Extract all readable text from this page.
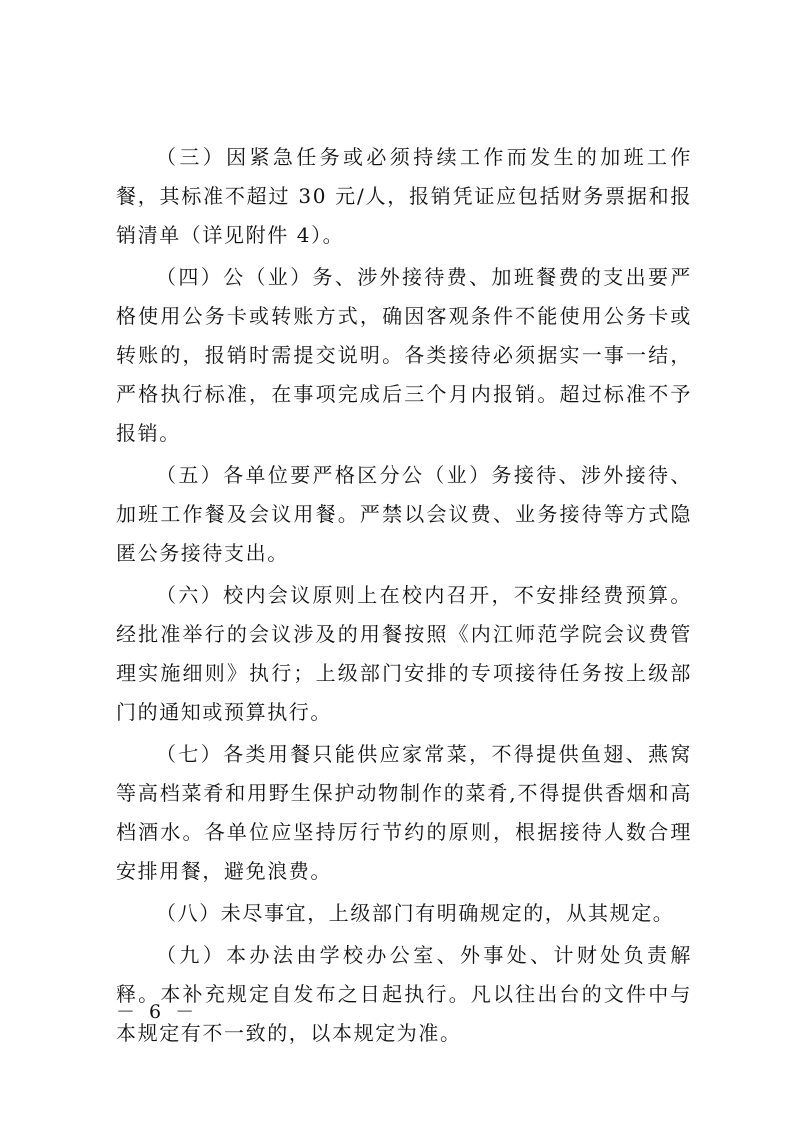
（三）因紧急任务或必须持续工作而发生的加班工作餐，其标准不超过 30 元/人，报销凭证应包括财务票据和报销清单（详见附件 4）。

（四）公（业）务、涉外接待费、加班餐费的支出要严格使用公务卡或转账方式，确因客观条件不能使用公务卡或转账的，报销时需提交说明。各类接待必须据实一事一结，严格执行标准，在事项完成后三个月内报销。超过标准不予报销。

（五）各单位要严格区分公（业）务接待、涉外接待、加班工作餐及会议用餐。严禁以会议费、业务接待等方式隐匿公务接待支出。

（六）校内会议原则上在校内召开，不安排经费预算。经批准举行的会议涉及的用餐按照《内江师范学院会议费管理实施细则》执行；上级部门安排的专项接待任务按上级部门的通知或预算执行。

（七）各类用餐只能供应家常菜，不得提供鱼翅、燕窝等高档菜肴和用野生保护动物制作的菜肴,不得提供香烟和高档酒水。各单位应坚持厉行节约的原则，根据接待人数合理安排用餐，避免浪费。

（八）未尽事宜，上级部门有明确规定的，从其规定。

（九）本办法由学校办公室、外事处、计财处负责解释。本补充规定自发布之日起执行。凡以往出台的文件中与本规定有不一致的，以本规定为准。

－ 6 －
